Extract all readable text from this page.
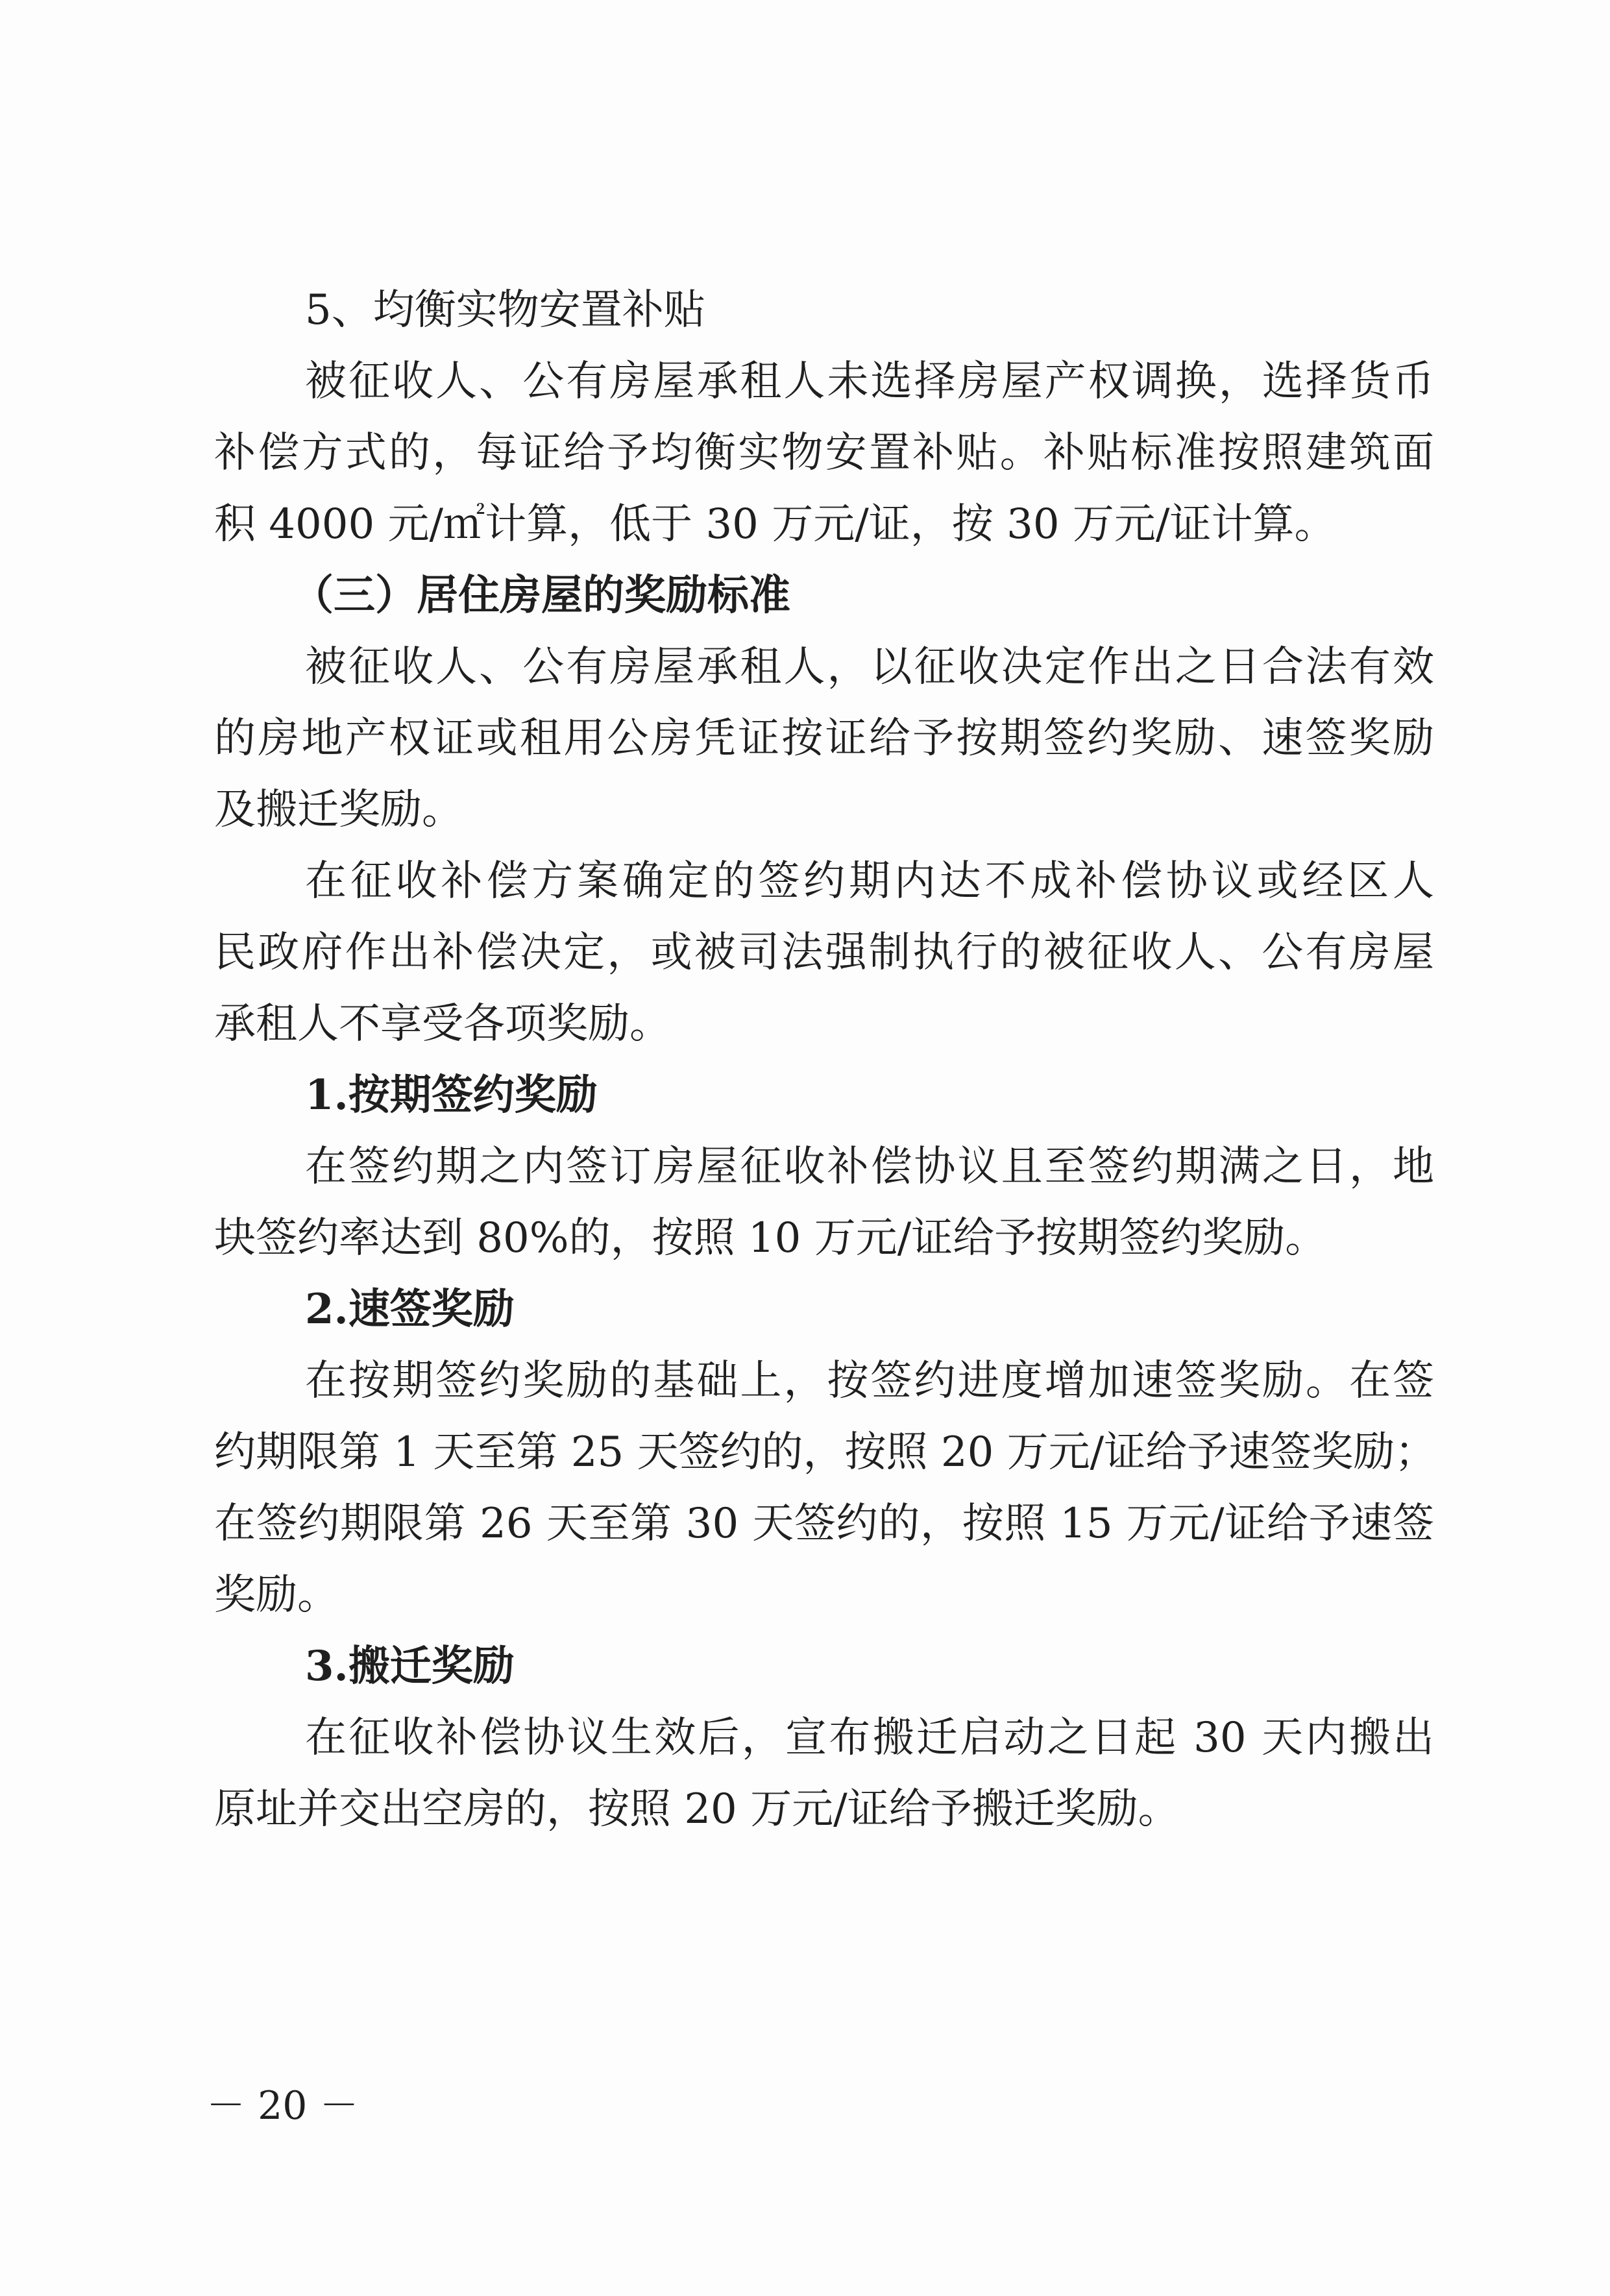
5、均衡实物安置补贴
被征收人、公有房屋承租人未选择房屋产权调换，选择货币
补偿方式的，每证给予均衡实物安置补贴。补贴标准按照建筑面
积 4000 元/㎡计算，低于 30 万元/证，按 30 万元/证计算。
（三）居住房屋的奖励标准
被征收人、公有房屋承租人，以征收决定作出之日合法有效
的房地产权证或租用公房凭证按证给予按期签约奖励、速签奖励
及搬迁奖励。
在征收补偿方案确定的签约期内达不成补偿协议或经区人
民政府作出补偿决定，或被司法强制执行的被征收人、公有房屋
承租人不享受各项奖励。
1.按期签约奖励
在签约期之内签订房屋征收补偿协议且至签约期满之日，地
块签约率达到 80%的，按照 10 万元/证给予按期签约奖励。
2.速签奖励
在按期签约奖励的基础上，按签约进度增加速签奖励。在签
约期限第 1 天至第 25 天签约的，按照 20 万元/证给予速签奖励；
在签约期限第 26 天至第 30 天签约的，按照 15 万元/证给予速签
奖励。
3.搬迁奖励
在征收补偿协议生效后，宣布搬迁启动之日起 30 天内搬出
原址并交出空房的，按照 20 万元/证给予搬迁奖励。
－ 20 －
